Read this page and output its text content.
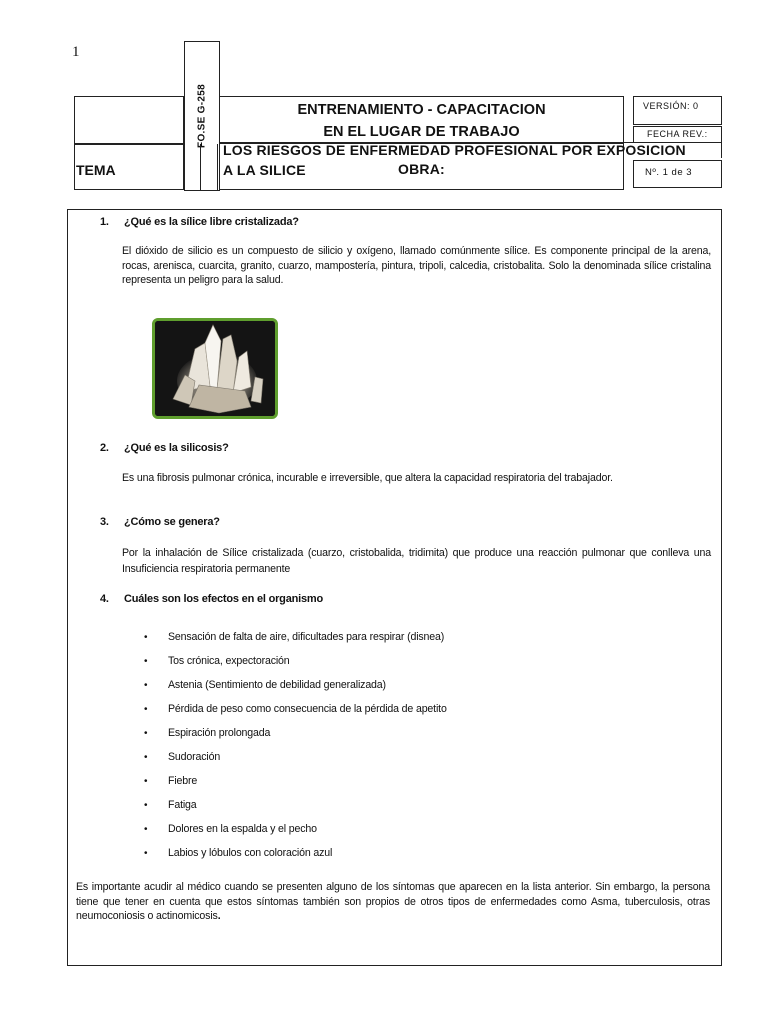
1
FO.SE G-258
TEMA
ENTRENAMIENTO - CAPACITACION
EN EL LUGAR DE TRABAJO
LOS RIESGOS DE ENFERMEDAD PROFESIONAL POR EXPOSICION
A LA SILICE	OBRA:
VERSIÓN: 0
FECHA REV.:
Nº. 1 de 3
1. ¿Qué es la sílice libre cristalizada?
El dióxido de silicio es un compuesto de silicio y oxígeno, llamado comúnmente sílice. Es componente principal de la arena, rocas, arenisca, cuarcita, granito, cuarzo, mampostería, pintura, tripoli, calcedia, cristobalita. Solo la denominada sílice cristalina representa un peligro para la salud.
2. ¿Qué es la silicosis?
Es una fibrosis pulmonar crónica, incurable e irreversible, que altera la capacidad respiratoria del trabajador.
3. ¿Cómo se genera?
Por la inhalación de Sílice cristalizada (cuarzo, cristobalida, tridimita) que produce una reacción pulmonar que conlleva una Insuficiencia respiratoria permanente
4. Cuáles son los efectos en el organismo
• Sensación de falta de aire, dificultades para respirar (disnea)
• Tos crónica, expectoración
• Astenia (Sentimiento de debilidad generalizada)
• Pérdida de peso como consecuencia de la pérdida de apetito
• Espiración prolongada
• Sudoración
• Fiebre
• Fatiga
• Dolores en la espalda y el pecho
• Labios y lóbulos con coloración azul
Es importante acudir al médico cuando se presenten alguno de los síntomas que aparecen en la lista anterior. Sin embargo, la persona tiene que tener en cuenta que estos síntomas también son propios de otros tipos de enfermedades como Asma, tuberculosis, otras neumoconiosis o actinomicosis.
